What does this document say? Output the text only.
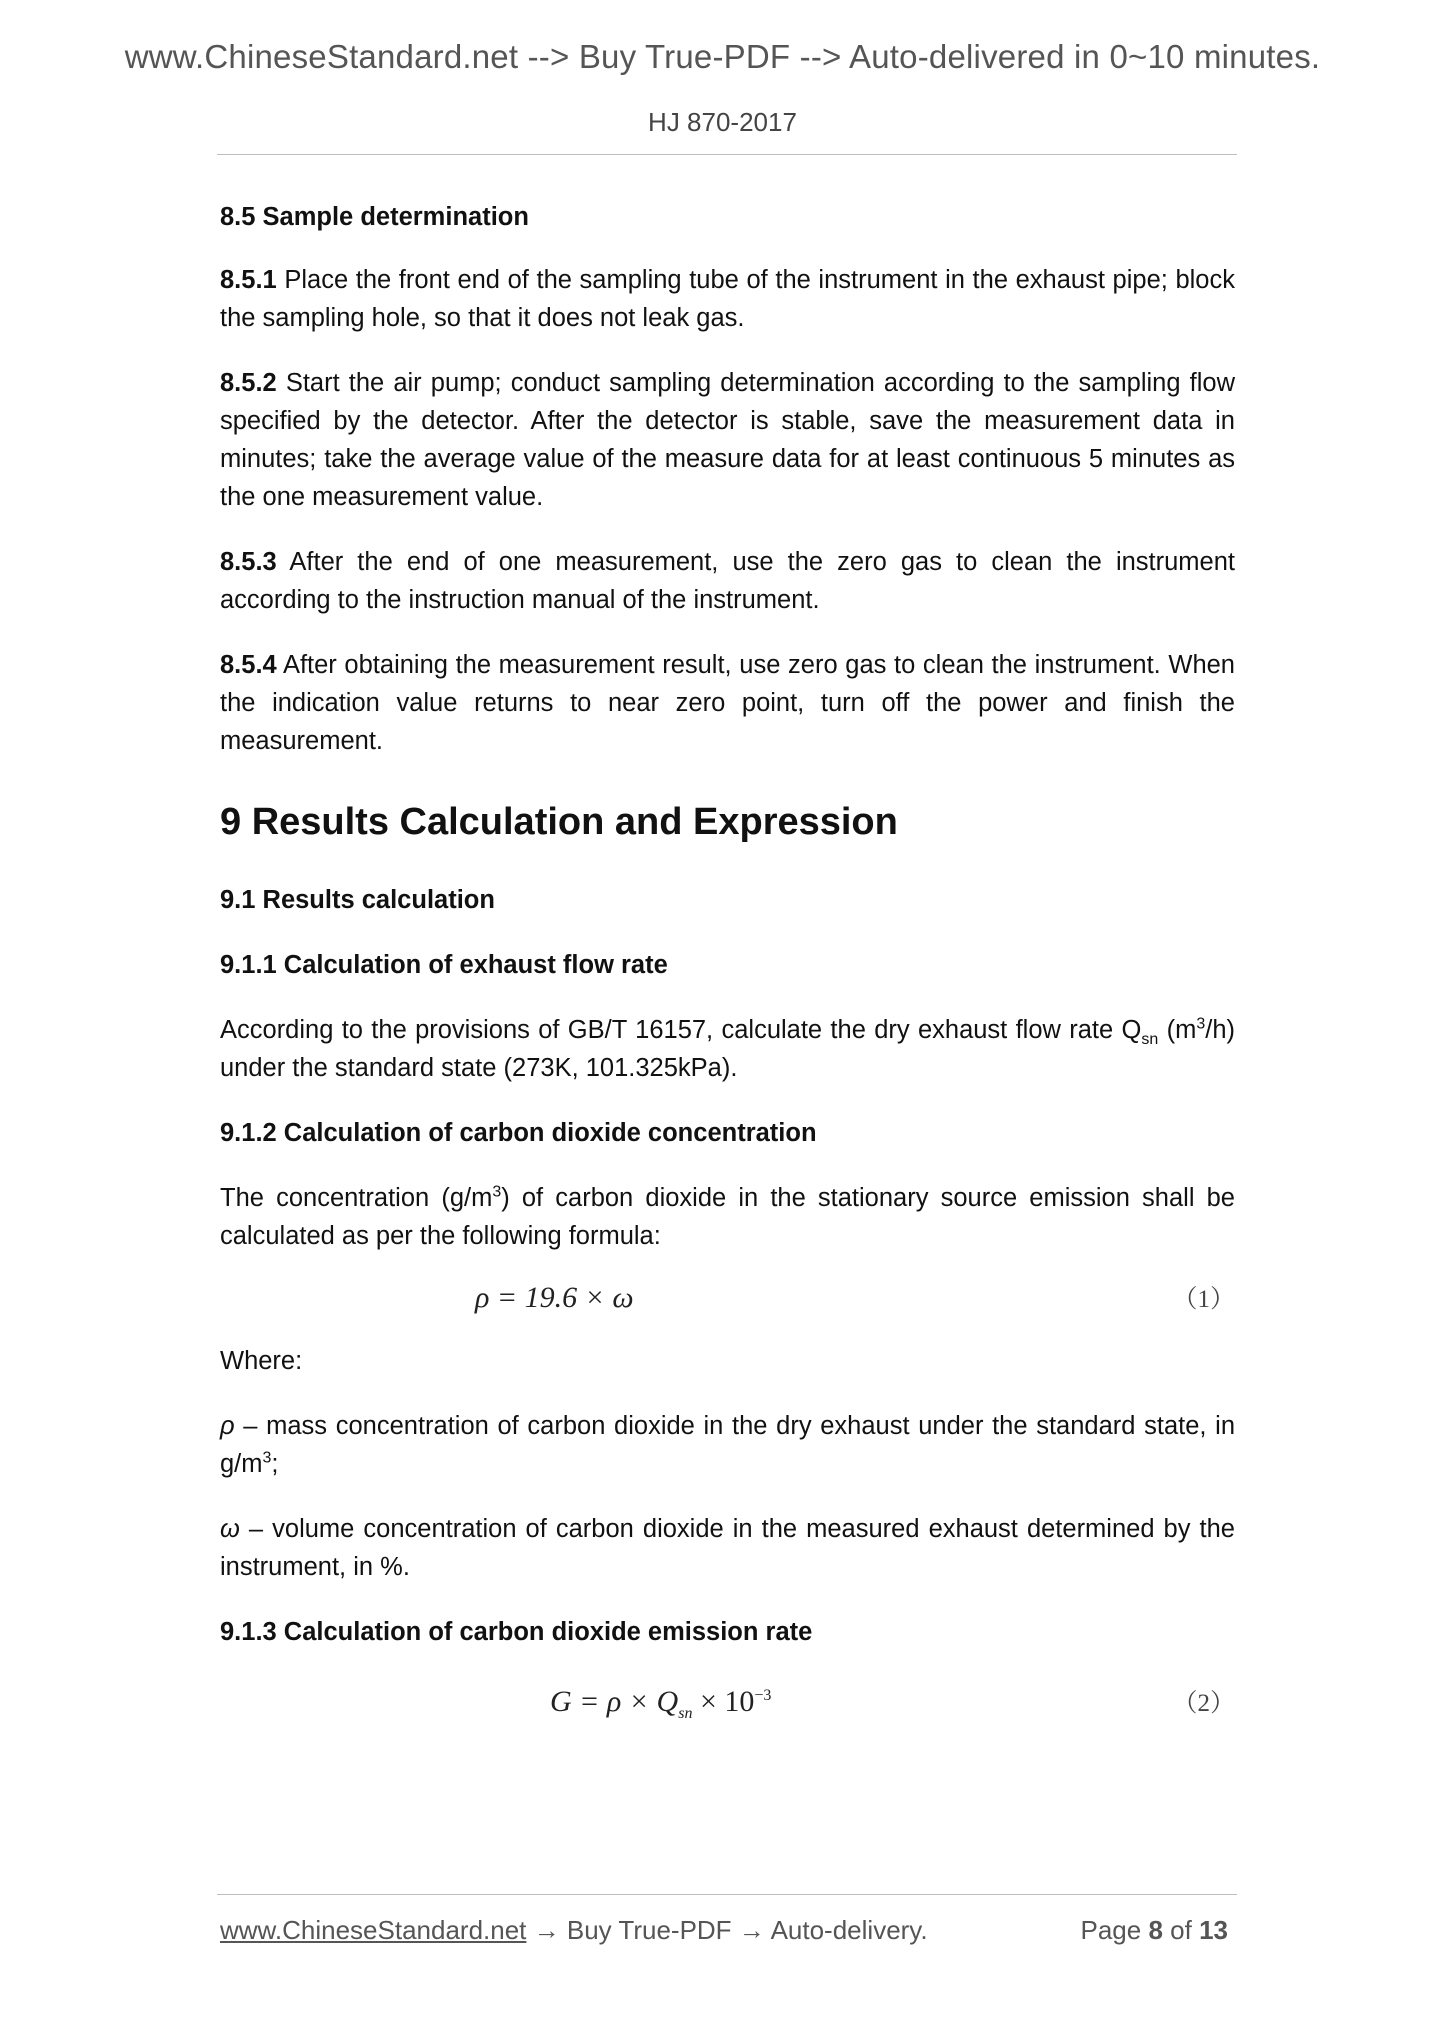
www.ChineseStandard.net --> Buy True-PDF --> Auto-delivered in 0~10 minutes.
HJ 870-2017

8.5 Sample determination

8.5.1 Place the front end of the sampling tube of the instrument in the exhaust pipe; block the sampling hole, so that it does not leak gas.

8.5.2 Start the air pump; conduct sampling determination according to the sampling flow specified by the detector. After the detector is stable, save the measurement data in minutes; take the average value of the measure data for at least continuous 5 minutes as the one measurement value.

8.5.3 After the end of one measurement, use the zero gas to clean the instrument according to the instruction manual of the instrument.

8.5.4 After obtaining the measurement result, use zero gas to clean the instrument. When the indication value returns to near zero point, turn off the power and finish the measurement.

9 Results Calculation and Expression

9.1 Results calculation

9.1.1 Calculation of exhaust flow rate

According to the provisions of GB/T 16157, calculate the dry exhaust flow rate $Q_{sn}$ $(m^3/h)$ under the standard state (273K, 101.325kPa).

9.1.2 Calculation of carbon dioxide concentration

The concentration $(g/m^3)$ of carbon dioxide in the stationary source emission shall be calculated as per the following formula:

ρ = 19.6 × ω	（1）

Where:

ρ – mass concentration of carbon dioxide in the dry exhaust under the standard state, in $g/m^3$;

ω – volume concentration of carbon dioxide in the measured exhaust determined by the instrument, in %.

9.1.3 Calculation of carbon dioxide emission rate

$G = \rho \times Q_{sn} \times 10^{-3}$	（2）
www.ChineseStandard.net → Buy True-PDF → Auto-delivery.	Page 8 of 13
